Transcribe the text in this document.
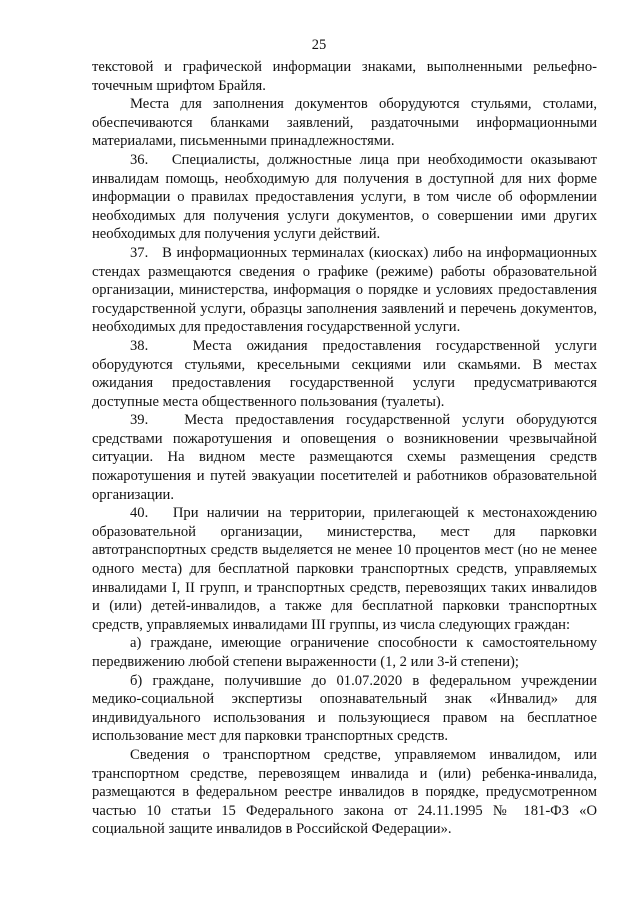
25

текстовой и графической информации знаками, выполненными рельефно-точечным шрифтом Брайля.

Места для заполнения документов оборудуются стульями, столами, обеспечиваются бланками заявлений, раздаточными информационными материалами, письменными принадлежностями.

36.   Специалисты, должностные лица при необходимости оказывают инвалидам помощь, необходимую для получения в доступной для них форме информации о правилах предоставления услуги, в том числе об оформлении необходимых для получения услуги документов, о совершении ими других необходимых для получения услуги действий.

37.   В информационных терминалах (киосках) либо на информационных стендах размещаются сведения о графике (режиме) работы образовательной организации, министерства, информация о порядке и условиях предоставления государственной услуги, образцы заполнения заявлений и перечень документов, необходимых для предоставления государственной услуги.

38.   Места ожидания предоставления государственной услуги оборудуются стульями, кресельными секциями или скамьями. В местах ожидания предоставления государственной услуги предусматриваются доступные места общественного пользования (туалеты).

39.   Места предоставления государственной услуги оборудуются средствами пожаротушения и оповещения о возникновении чрезвычайной ситуации. На видном месте размещаются схемы размещения средств пожаротушения и путей эвакуации посетителей и работников образовательной организации.

40.   При наличии на территории, прилегающей к местонахождению образовательной организации, министерства, мест для парковки автотранспортных средств выделяется не менее 10 процентов мест (но не менее одного места) для бесплатной парковки транспортных средств, управляемых инвалидами I, II групп, и транспортных средств, перевозящих таких инвалидов и (или) детей-инвалидов, а также для бесплатной парковки транспортных средств, управляемых инвалидами III группы, из числа следующих граждан:

а) граждане, имеющие ограничение способности к самостоятельному передвижению любой степени выраженности (1, 2 или 3-й степени);

б) граждане, получившие до 01.07.2020 в федеральном учреждении медико-социальной экспертизы опознавательный знак «Инвалид» для индивидуального использования и пользующиеся правом на бесплатное использование мест для парковки транспортных средств.

Сведения о транспортном средстве, управляемом инвалидом, или транспортном средстве, перевозящем инвалида и (или) ребенка-инвалида, размещаются в федеральном реестре инвалидов в порядке, предусмотренном частью 10 статьи 15 Федерального закона от 24.11.1995 № 181-ФЗ «О социальной защите инвалидов в Российской Федерации».
